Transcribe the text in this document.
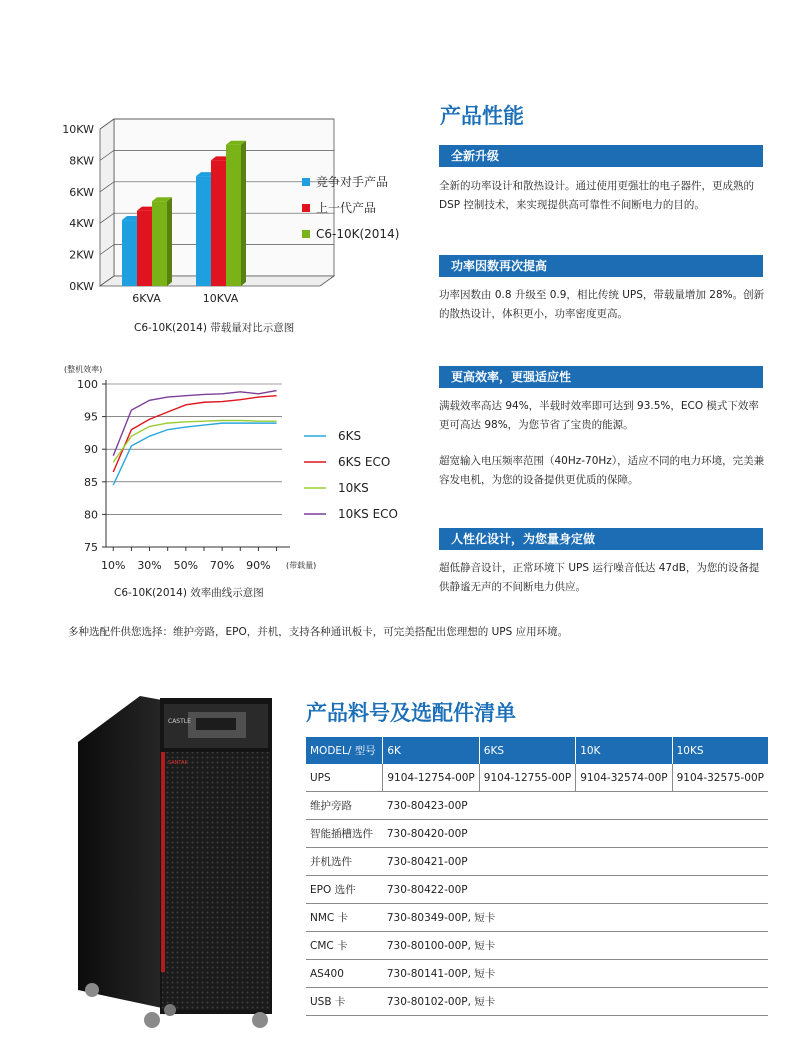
0KW
2KW
4KW
6KW
8KW
10KW
6KVA	10KVA
竞争对手产品
上一代产品
C6-10K(2014)
C6-10K(2014) 带载量对比示意图
(整机效率)
75
80
85
90
95
100
10% 30% 50% 70% 90% (带载量)
6KS
6KS ECO
10KS
10KS ECO
C6-10K(2014) 效率曲线示意图
产品性能
全新升级
全新的功率设计和散热设计。通过使用更强壮的电子器件，更成熟的 DSP 控制技术，来实现提供高可靠性不间断电力的目的。
功率因数再次提高
功率因数由 0.8 升级至 0.9，相比传统 UPS，带载量增加 28%。创新的散热设计，体积更小，功率密度更高。
更高效率，更强适应性
满载效率高达 94%，半载时效率即可达到 93.5%，ECO 模式下效率更可高达 98%，为您节省了宝贵的能源。
超宽输入电压频率范围（40Hz-70Hz），适应不同的电力环境，完美兼容发电机，为您的设备提供更优质的保障。
人性化设计，为您量身定做
超低静音设计，正常环境下 UPS 运行噪音低达 47dB，为您的设备提供静谧无声的不间断电力供应。
多种选配件供您选择：维护旁路，EPO，并机，支持各种通讯板卡，可完美搭配出您理想的 UPS 应用环境。
CASTLE
SANTAK
产品料号及选配件清单
MODEL/ 型号	6K	6KS	10K	10KS
UPS	9104-12754-00P	9104-12755-00P	9104-32574-00P	9104-32575-00P
维护旁路	730-80423-00P			
智能插槽选件	730-80420-00P			
并机选件	730-80421-00P			
EPO 选件	730-80422-00P			
NMC 卡	730-80349-00P, 短卡			
CMC 卡	730-80100-00P, 短卡			
AS400	730-80141-00P, 短卡			
USB 卡	730-80102-00P, 短卡			
